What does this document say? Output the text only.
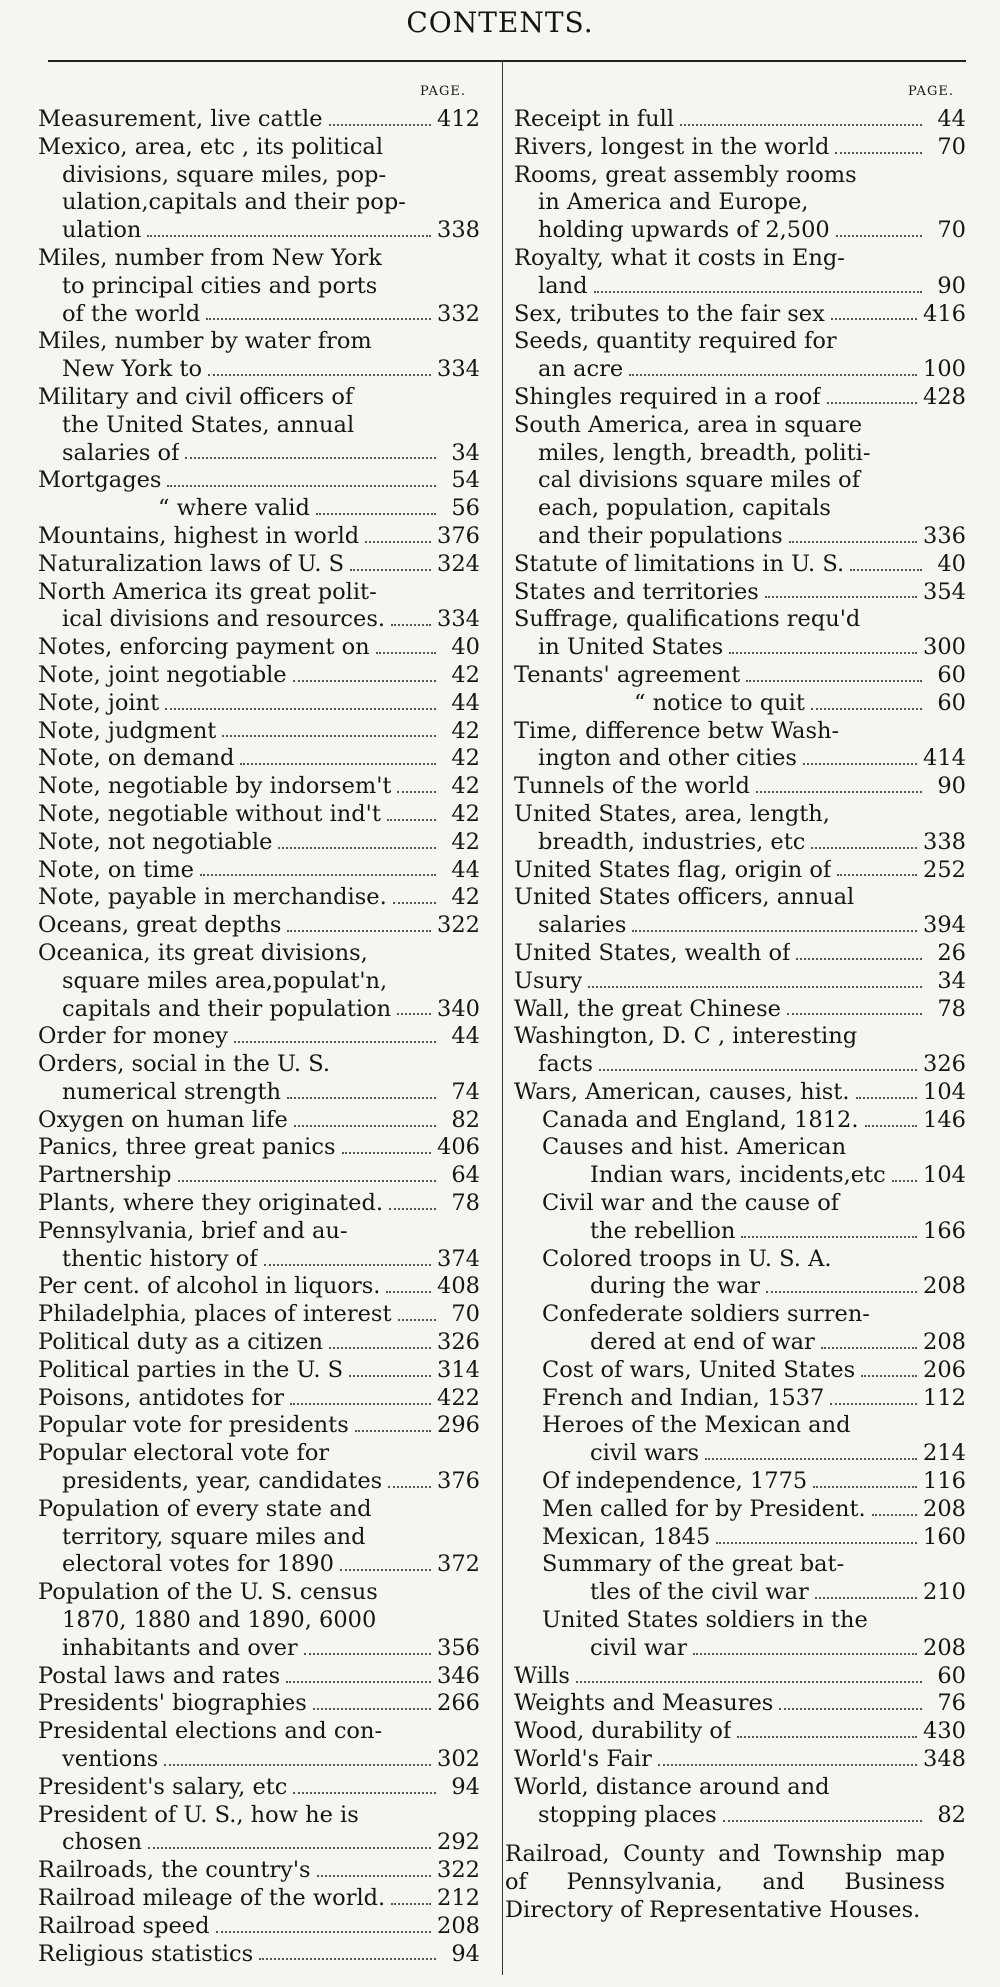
CONTENTS.
PAGE.	PAGE.
Measurement, live cattle	412
Mexico, area, etc , its political
divisions, square miles, pop-
ulation,capitals and their pop-
ulation	338
Miles, number from New York
to principal cities and ports
of the world	332
Miles, number by water from
New York to	334
Military and civil officers of
the United States, annual
salaries of	34
Mortgages	54
“ where valid	56
Mountains, highest in world	376
Naturalization laws of U. S	324
North America its great polit-
ical divisions and resources. 334
Notes, enforcing payment on	40
Note, joint negotiable	42
Note, joint	44
Note, judgment	42
Note, on demand	42
Note, negotiable by indorsem't	42
Note, negotiable without ind't	42
Note, not negotiable	42
Note, on time	44
Note, payable in merchandise.	42
Oceans, great depths	322
Oceanica, its great divisions,
square miles area,populat'n,
capitals and their population 340
Order for money	44
Orders, social in the U. S.
numerical strength	74
Oxygen on human life	82
Panics, three great panics	406
Partnership	64
Plants, where they originated.	78
Pennsylvania, brief and au-
thentic history of	374
Per cent. of alcohol in liquors.	408
Philadelphia, places of interest	70
Political duty as a citizen	326
Political parties in the U. S	314
Poisons, antidotes for	422
Popular vote for presidents	296
Popular electoral vote for
presidents, year, candidates 376
Population of every state and
territory, square miles and
electoral votes for 1890	372
Population of the U. S. census
1870, 1880 and 1890, 6000
inhabitants and over	356
Postal laws and rates	346
Presidents' biographies	266
Presidental elections and con-
ventions	302
President's salary, etc	94
President of U. S., how he is
chosen	292
Railroads, the country's	322
Railroad mileage of the world. 212
Railroad speed	208
Religious statistics	94
Receipt in full	44
Rivers, longest in the world	70
Rooms, great assembly rooms
in America and Europe,
holding upwards of 2,500	70
Royalty, what it costs in Eng-
land	90
Sex, tributes to the fair sex	416
Seeds, quantity required for
an acre	100
Shingles required in a roof	428
South America, area in square
miles, length, breadth, politi-
cal divisions square miles of
each, population, capitals
and their populations	336
Statute of limitations in U. S.	40
States and territories	354
Suffrage, qualifications requ'd
in United States	300
Tenants' agreement	60
“ notice to quit	60
Time, difference betw Wash-
ington and other cities	414
Tunnels of the world	90
United States, area, length,
breadth, industries, etc	338
United States flag, origin of	252
United States officers, annual
salaries	394
United States, wealth of	26
Usury	34
Wall, the great Chinese	78
Washington, D. C , interesting
facts	326
Wars, American, causes, hist.	104
Canada and England, 1812.	146
Causes and hist. American
Indian wars, incidents,etc 104
Civil war and the cause of
the rebellion	166
Colored troops in U. S. A.
during the war	208
Confederate soldiers surren-
dered at end of war	208
Cost of wars, United States	206
French and Indian, 1537	112
Heroes of the Mexican and
civil wars	214
Of independence, 1775	116
Men called for by President.	208
Mexican, 1845	160
Summary of the great bat-
tles of the civil war	210
United States soldiers in the
civil war	208
Wills	60
Weights and Measures	76
Wood, durability of	430
World's Fair	348
World, distance around and
stopping places	82

Railroad, County and Township map of Pennsylvania, and Business Directory of Representative Houses.
